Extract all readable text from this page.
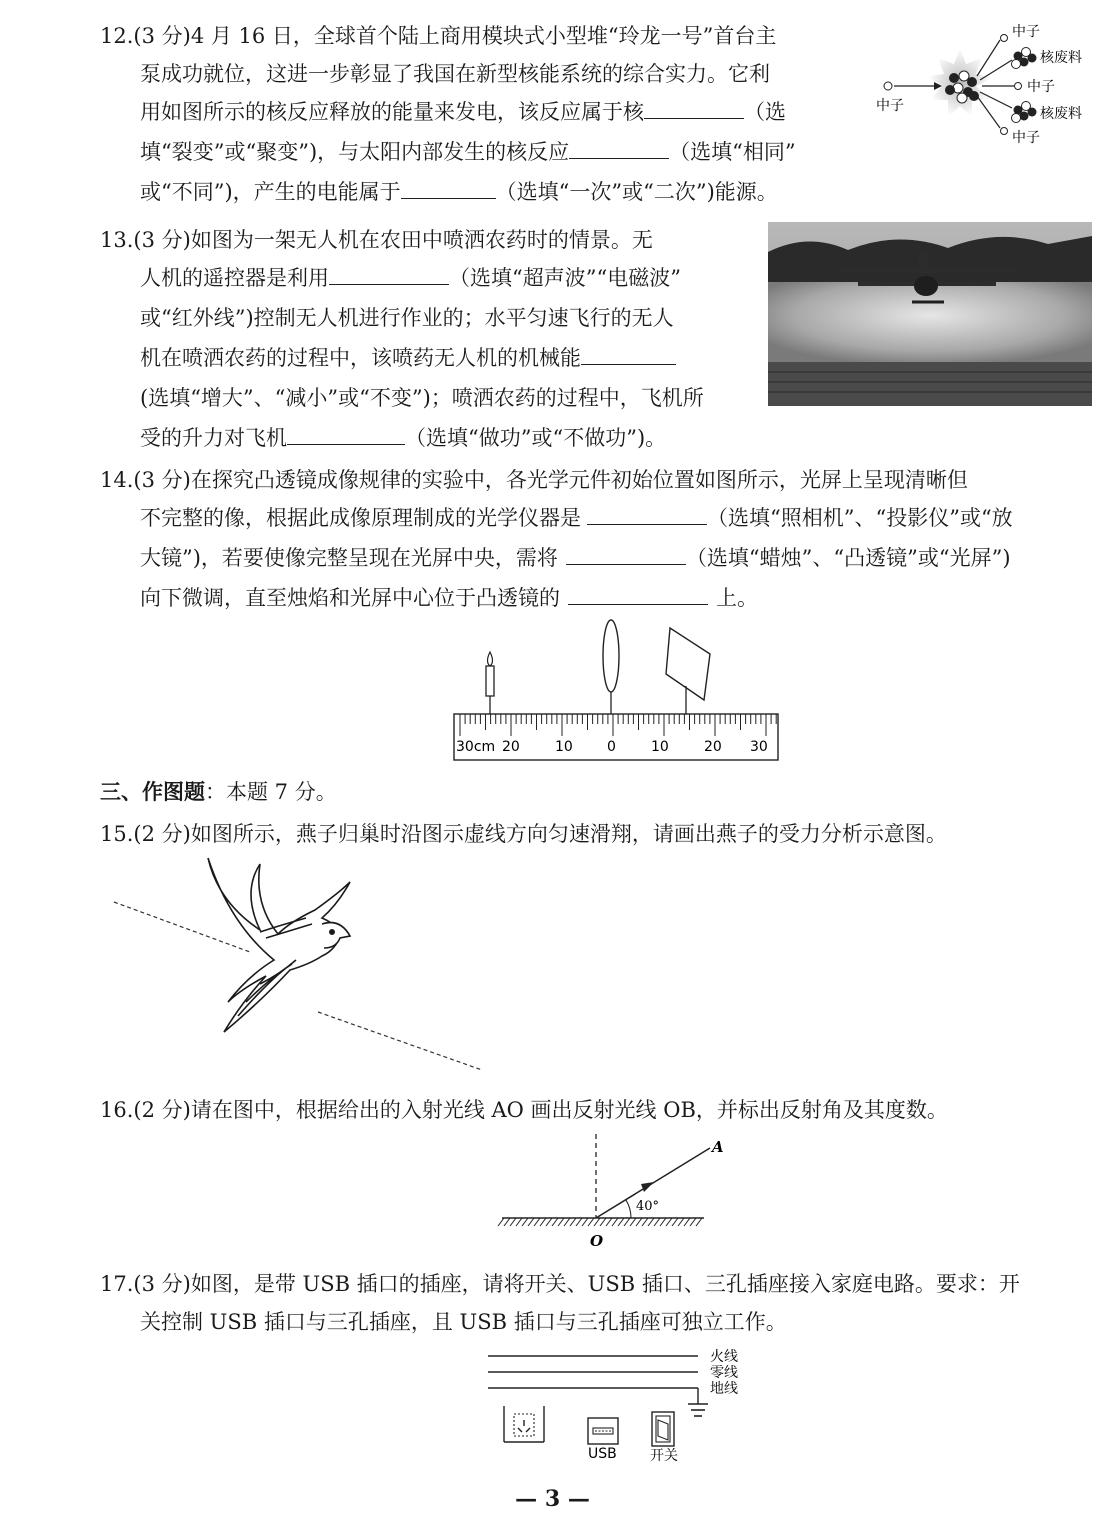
12.(3 分)4 月 16 日，全球首个陆上商用模块式小型堆“玲龙一号”首台主
泵成功就位，这进一步彰显了我国在新型核能系统的综合实力。它利
用如图所示的核反应释放的能量来发电，该反应属于核	（选
填“裂变”或“聚变”)，与太阳内部发生的核反应	（选填“相同”
或“不同”)，产生的电能属于	（选填“一次”或“二次”)能源。
中子
中子
核废料
中子
核废料
中子
13.(3 分)如图为一架无人机在农田中喷洒农药时的情景。无
人机的遥控器是利用	（选填“超声波”“电磁波”
或“红外线”)控制无人机进行作业的；水平匀速飞行的无人
机在喷洒农药的过程中，该喷药无人机的机械能
(选填“增大”、“减小”或“不变”)；喷洒农药的过程中，飞机所
受的升力对飞机	（选填“做功”或“不做功”)。
14.(3 分)在探究凸透镜成像规律的实验中，各光学元件初始位置如图所示，光屏上呈现清晰但
不完整的像，根据此成像原理制成的光学仪器是	（选填“照相机”、“投影仪”或“放
大镜”)，若要使像完整呈现在光屏中央，需将	（选填“蜡烛”、“凸透镜”或“光屏”)
向下微调，直至烛焰和光屏中心位于凸透镜的	上。
30cm 20	10 0	10	20 30
三、作图题：本题 7 分。
15.(2 分)如图所示，燕子归巢时沿图示虚线方向匀速滑翔，请画出燕子的受力分析示意图。
16.(2 分)请在图中，根据给出的入射光线 AO 画出反射光线 OB，并标出反射角及其度数。
40°
A
O
17.(3 分)如图，是带 USB 插口的插座，请将开关、USB 插口、三孔插座接入家庭电路。要求：开
关控制 USB 插口与三孔插座，且 USB 插口与三孔插座可独立工作。
火线
零线
地线
USB 开关
— 3 —
